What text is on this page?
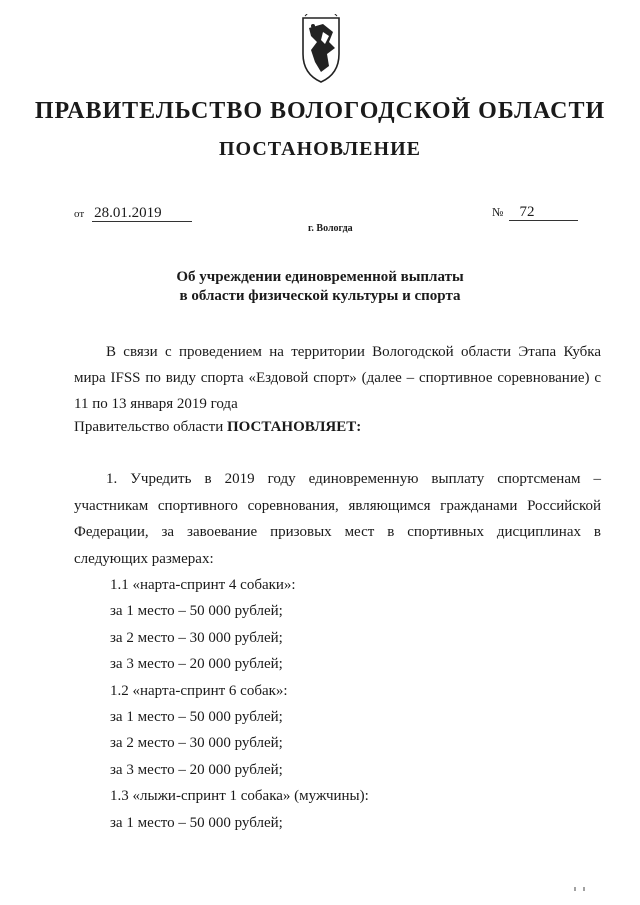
ПРАВИТЕЛЬСТВО ВОЛОГОДСКОЙ ОБЛАСТИ
ПОСТАНОВЛЕНИЕ
от 28.01.2019	№ 72
г. Вологда
Об учреждении единовременной выплаты
в области физической культуры и спорта
В связи с проведением на территории Вологодской области Этапа Кубка мира IFSS по виду спорта «Ездовой спорт» (далее – спортивное соревнование) с 11 по 13 января 2019 года
Правительство области ПОСТАНОВЛЯЕТ:
1. Учредить в 2019 году единовременную выплату спортсменам – участникам спортивного соревнования, являющимся гражданами Российской Федерации, за завоевание призовых мест в спортивных дисциплинах в следующих размерах:
1.1 «нарта-спринт 4 собаки»:
за 1 место – 50 000 рублей;
за 2 место – 30 000 рублей;
за 3 место – 20 000 рублей;
1.2 «нарта-спринт 6 собак»:
за 1 место – 50 000 рублей;
за 2 место – 30 000 рублей;
за 3 место – 20 000 рублей;
1.3 «лыжи-спринт 1 собака» (мужчины):
за 1 место – 50 000 рублей;
